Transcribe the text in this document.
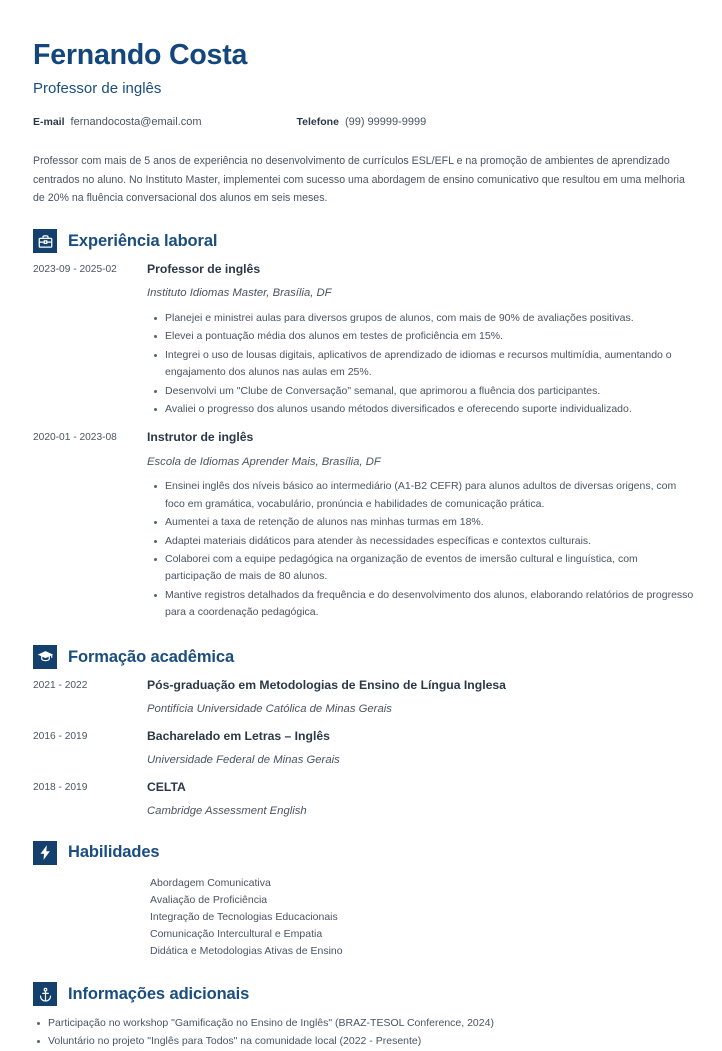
Fernando Costa
Professor de inglês
E-mail fernandocosta@email.com	Telefone (99) 99999-9999
Professor com mais de 5 anos de experiência no desenvolvimento de currículos ESL/EFL e na promoção de ambientes de aprendizado centrados no aluno. No Instituto Master, implementei com sucesso uma abordagem de ensino comunicativo que resultou em uma melhoria de 20% na fluência conversacional dos alunos em seis meses.
Experiência laboral
2023-09 - 2025-02	Professor de inglês
Instituto Idiomas Master, Brasília, DF
Planejei e ministrei aulas para diversos grupos de alunos, com mais de 90% de avaliações positivas.
Elevei a pontuação média dos alunos em testes de proficiência em 15%.
Integrei o uso de lousas digitais, aplicativos de aprendizado de idiomas e recursos multimídia, aumentando o engajamento dos alunos nas aulas em 25%.
Desenvolvi um "Clube de Conversação" semanal, que aprimorou a fluência dos participantes.
Avaliei o progresso dos alunos usando métodos diversificados e oferecendo suporte individualizado.
2020-01 - 2023-08	Instrutor de inglês
Escola de Idiomas Aprender Mais, Brasília, DF
Ensinei inglês dos níveis básico ao intermediário (A1-B2 CEFR) para alunos adultos de diversas origens, com foco em gramática, vocabulário, pronúncia e habilidades de comunicação prática.
Aumentei a taxa de retenção de alunos nas minhas turmas em 18%.
Adaptei materiais didáticos para atender às necessidades específicas e contextos culturais.
Colaborei com a equipe pedagógica na organização de eventos de imersão cultural e linguística, com participação de mais de 80 alunos.
Mantive registros detalhados da frequência e do desenvolvimento dos alunos, elaborando relatórios de progresso para a coordenação pedagógica.
Formação acadêmica
2021 - 2022	Pós-graduação em Metodologias de Ensino de Língua Inglesa
Pontifícia Universidade Católica de Minas Gerais
2016 - 2019	Bacharelado em Letras – Inglês
Universidade Federal de Minas Gerais
2018 - 2019	CELTA
Cambridge Assessment English
Habilidades
Abordagem Comunicativa
Avaliação de Proficiência
Integração de Tecnologias Educacionais
Comunicação Intercultural e Empatia
Didática e Metodologias Ativas de Ensino
Informações adicionais
Participação no workshop "Gamificação no Ensino de Inglês" (BRAZ-TESOL Conference, 2024)
Voluntário no projeto "Inglês para Todos" na comunidade local (2022 - Presente)
